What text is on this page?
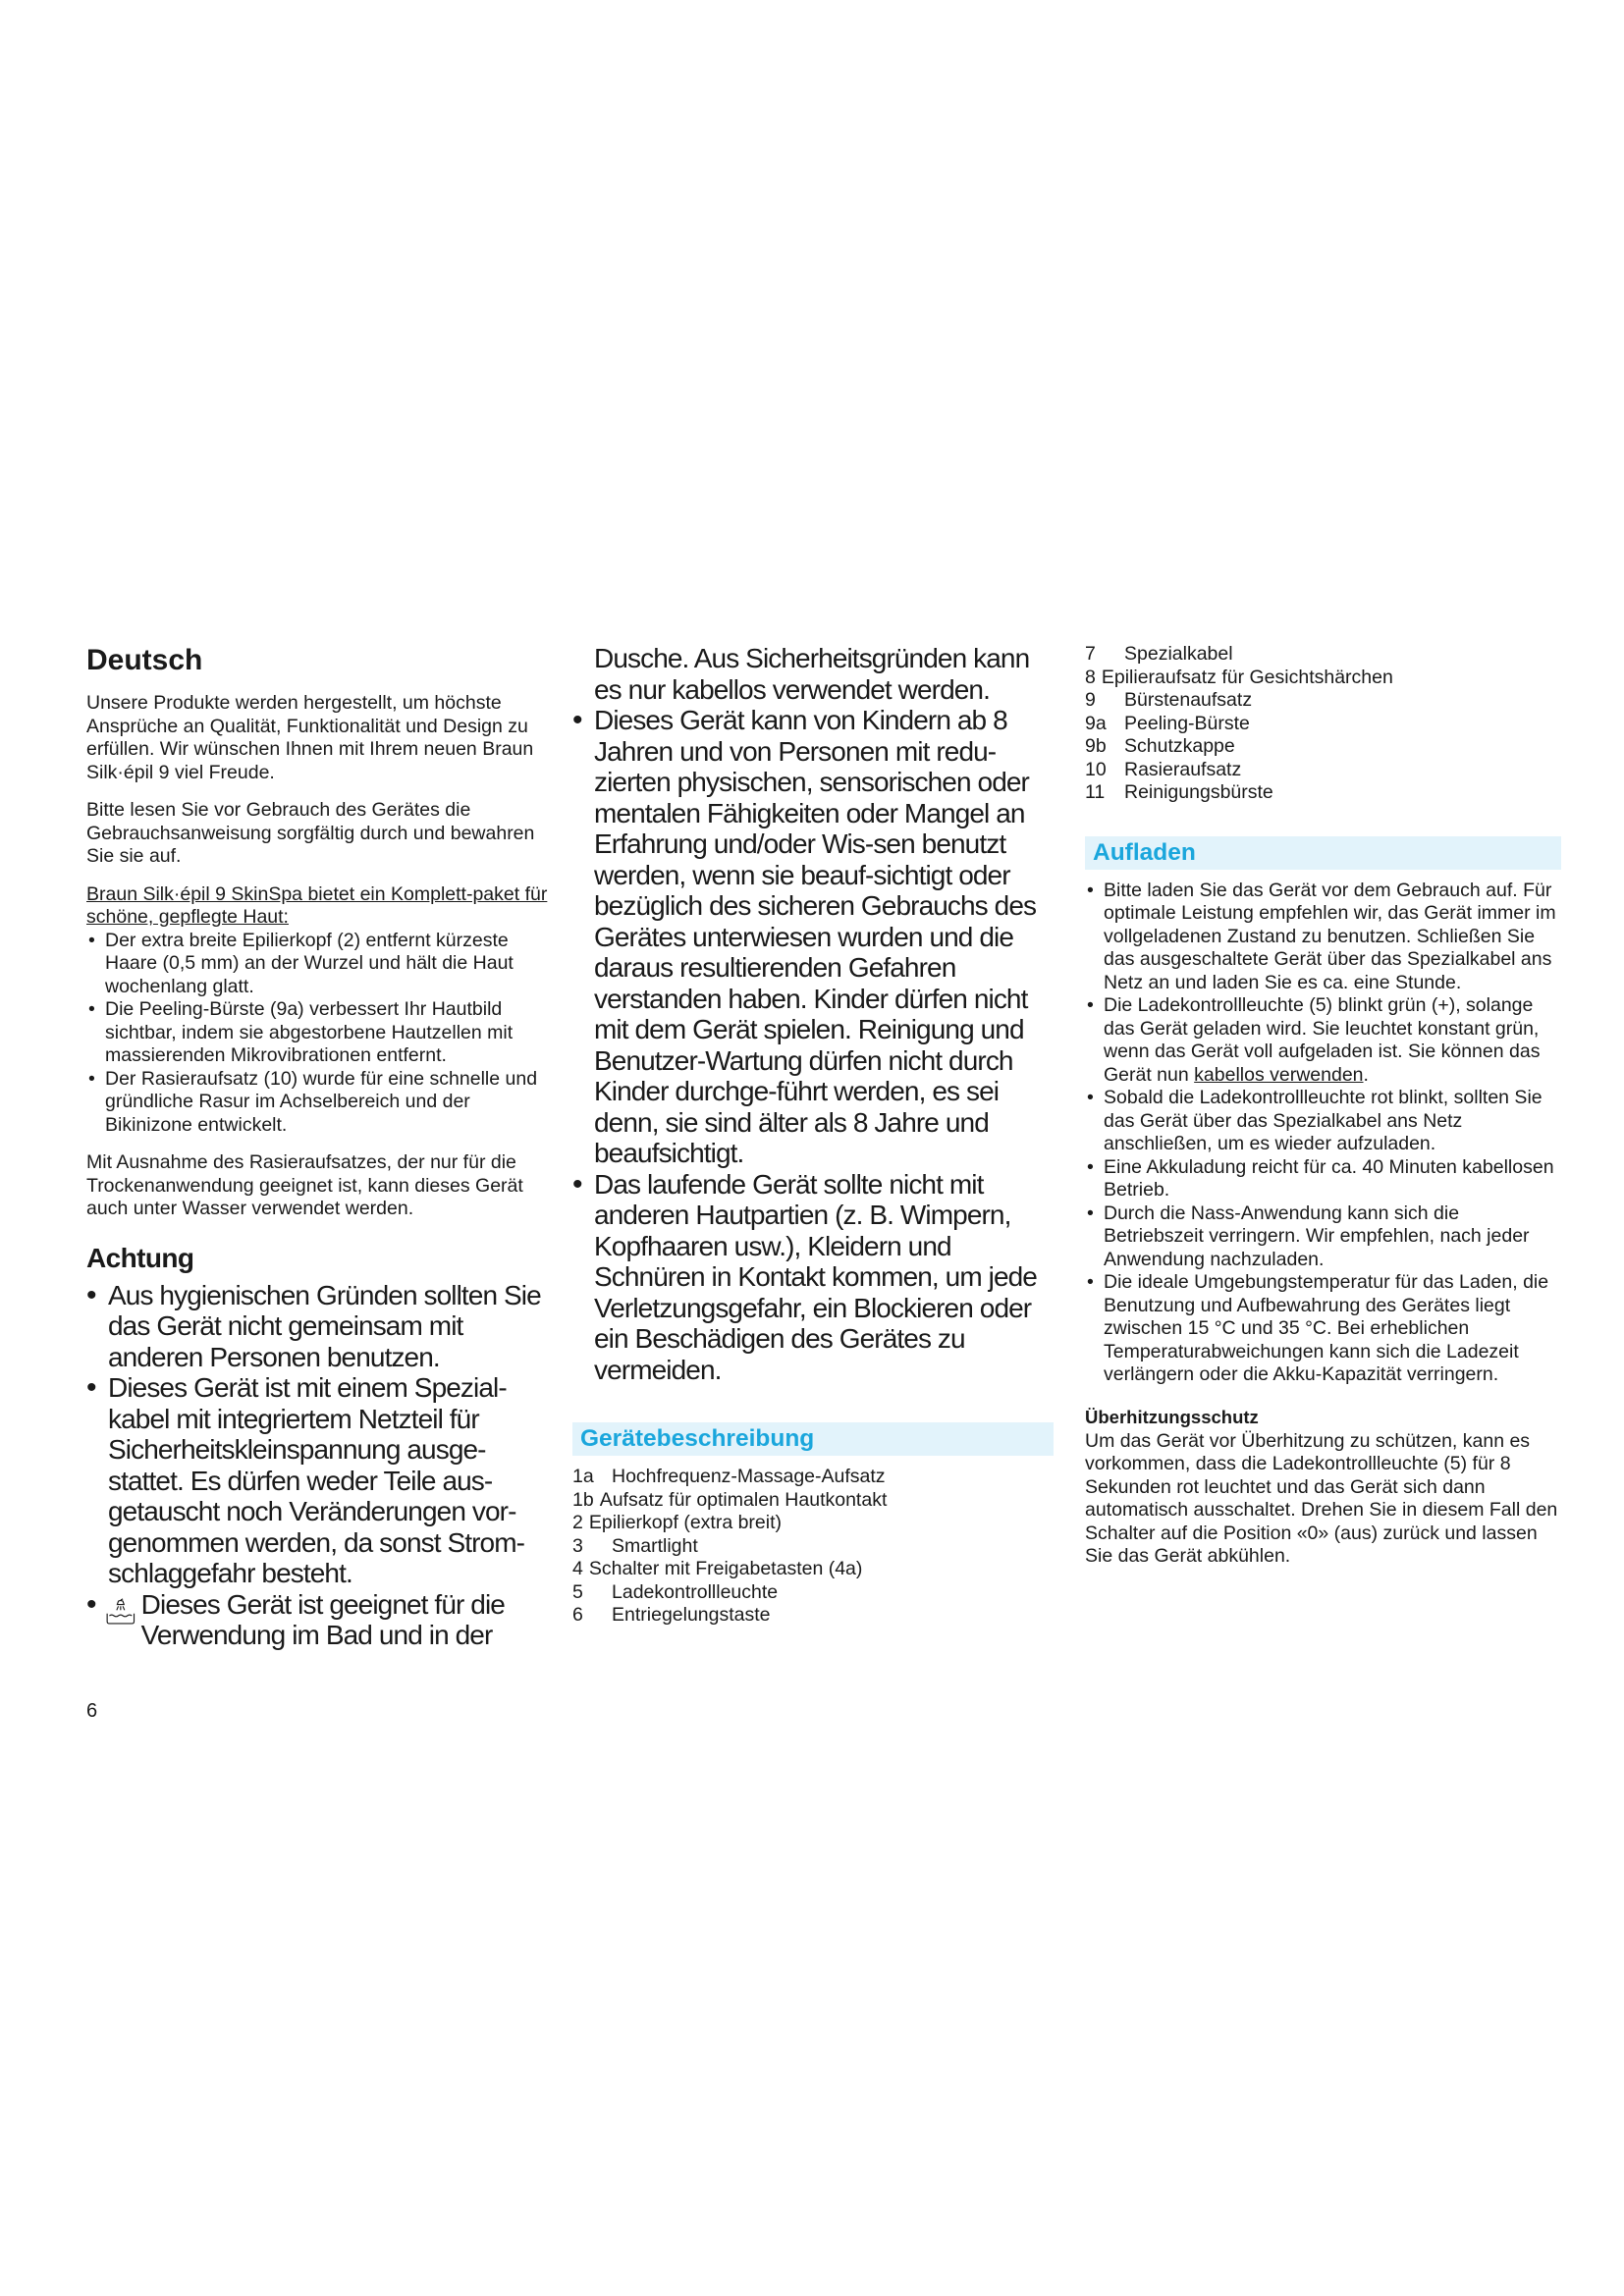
Deutsch

Unsere Produkte werden hergestellt, um höchste Ansprüche an Qualität, Funktionalität und Design zu erfüllen. Wir wünschen Ihnen mit Ihrem neuen Braun Silk·épil 9 viel Freude.

Bitte lesen Sie vor Gebrauch des Gerätes die Gebrauchsanweisung sorgfältig durch und bewahren Sie sie auf.

Braun Silk·épil 9 SkinSpa bietet ein Komplett-paket für schöne, gepflegte Haut:
• Der extra breite Epilierkopf (2) entfernt kürzeste Haare (0,5 mm) an der Wurzel und hält die Haut wochenlang glatt.
• Die Peeling-Bürste (9a) verbessert Ihr Hautbild sichtbar, indem sie abgestorbene Hautzellen mit massierenden Mikrovibrationen entfernt.
• Der Rasieraufsatz (10) wurde für eine schnelle und gründliche Rasur im Achselbereich und der Bikinizone entwickelt.

Mit Ausnahme des Rasieraufsatzes, der nur für die Trockenanwendung geeignet ist, kann dieses Gerät auch unter Wasser verwendet werden.

Achtung
• Aus hygienischen Gründen sollten Sie das Gerät nicht gemeinsam mit anderen Personen benutzen.
• Dieses Gerät ist mit einem Spezial-kabel mit integriertem Netzteil für Sicherheitskleinspannung ausge-stattet. Es dürfen weder Teile aus-getauscht noch Veränderungen vor-genommen werden, da sonst Strom-schlaggefahr besteht.
• Dieses Gerät ist geeignet für die Verwendung im Bad und in der

Dusche. Aus Sicherheitsgründen kann es nur kabellos verwendet werden.

• Dieses Gerät kann von Kindern ab 8 Jahren und von Personen mit redu-zierten physischen, sensorischen oder mentalen Fähigkeiten oder Mangel an Erfahrung und/oder Wis-sen benutzt werden, wenn sie beauf-sichtigt oder bezüglich des sicheren Gebrauchs des Gerätes unterwiesen wurden und die daraus resultierenden Gefahren verstanden haben. Kinder dürfen nicht mit dem Gerät spielen. Reinigung und Benutzer-Wartung dürfen nicht durch Kinder durchge-führt werden, es sei denn, sie sind älter als 8 Jahre und beaufsichtigt.
• Das laufende Gerät sollte nicht mit anderen Hautpartien (z. B. Wimpern, Kopfhaaren usw.), Kleidern und Schnüren in Kontakt kommen, um jede Verletzungsgefahr, ein Blockieren oder ein Beschädigen des Gerätes zu vermeiden.
Gerätebeschreibung
1a Hochfrequenz-Massage-Aufsatz
1b Aufsatz für optimalen Hautkontakt
2 Epilierkopf (extra breit)
3	Smartlight
4 Schalter mit Freigabetasten (4a)
5	Ladekontrollleuchte
6	Entriegelungstaste
7	Spezialkabel
8 Epilieraufsatz für Gesichtshärchen
9	Bürstenaufsatz
9a Peeling-Bürste
9b Schutzkappe
10 Rasieraufsatz
11	Reinigungsbürste
Aufladen
• Bitte laden Sie das Gerät vor dem Gebrauch auf. Für optimale Leistung empfehlen wir, das Gerät immer im vollgeladenen Zustand zu benutzen. Schließen Sie das ausgeschaltete Gerät über das Spezialkabel ans Netz an und laden Sie es ca. eine Stunde.
• Die Ladekontrollleuchte (5) blinkt grün (+), solange das Gerät geladen wird. Sie leuchtet konstant grün, wenn das Gerät voll aufgeladen ist. Sie können das Gerät nun kabellos verwenden.
• Sobald die Ladekontrollleuchte rot blinkt, sollten Sie das Gerät über das Spezialkabel ans Netz anschließen, um es wieder aufzuladen.
• Eine Akkuladung reicht für ca. 40 Minuten kabellosen Betrieb.
• Durch die Nass-Anwendung kann sich die Betriebszeit verringern. Wir empfehlen, nach jeder Anwendung nachzuladen.
• Die ideale Umgebungstemperatur für das Laden, die Benutzung und Aufbewahrung des Gerätes liegt zwischen 15 °C und 35 °C. Bei erheblichen Temperaturabweichungen kann sich die Ladezeit verlängern oder die Akku-Kapazität verringern.
Überhitzungsschutz
Um das Gerät vor Überhitzung zu schützen, kann es vorkommen, dass die Ladekontrollleuchte (5) für 8 Sekunden rot leuchtet und das Gerät sich dann automatisch ausschaltet. Drehen Sie in diesem Fall den Schalter auf die Position «0» (aus) zurück und lassen Sie das Gerät abkühlen.
6
